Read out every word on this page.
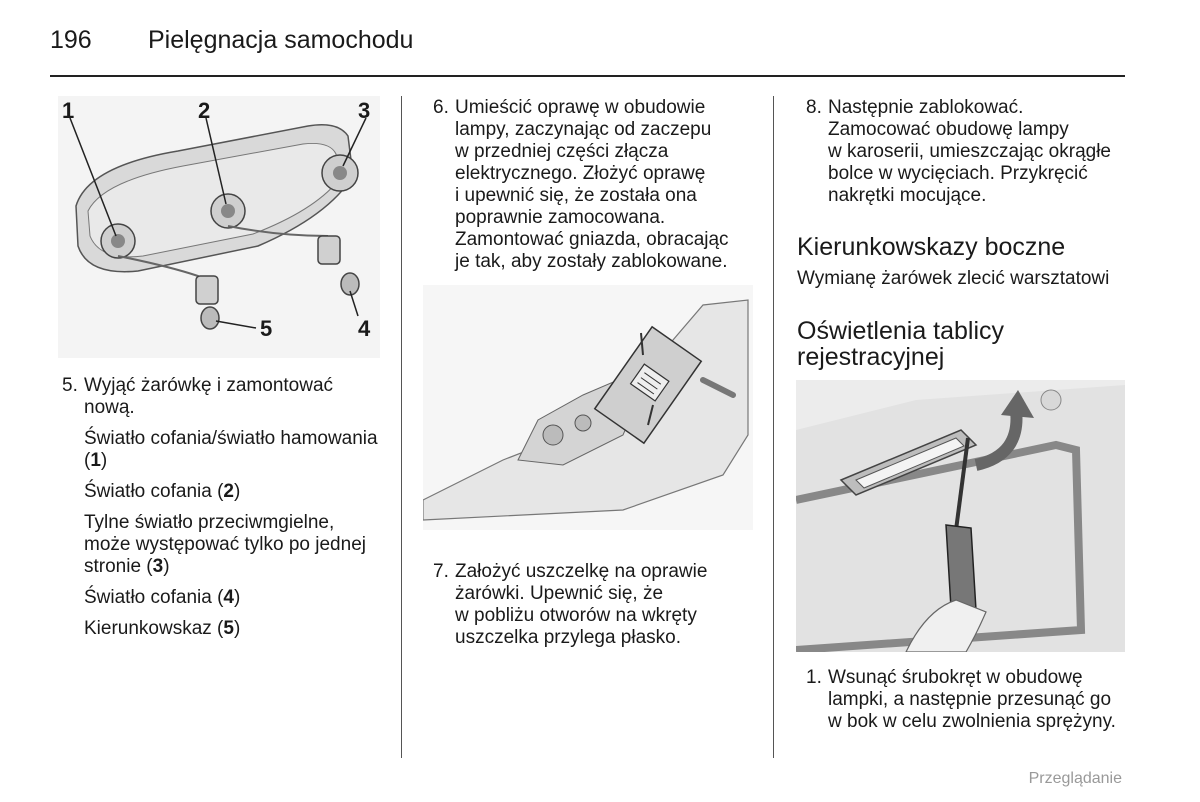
196 Pielęgnacja samochodu
1	2	3
4
5
5. Wyjąć żarówkę i zamontować nową.
Światło cofania/światło hamowania (1)
Światło cofania (2)
Tylne światło przeciwmgielne, może występować tylko po jednej stronie (3)
Światło cofania (4)
Kierunkowskaz (5)
6. Umieścić oprawę w obudowie
lampy, zaczynając od zaczepu
w przedniej części złącza
elektrycznego. Złożyć oprawę
i upewnić się, że została ona
poprawnie zamocowana.
Zamontować gniazda, obracając
je tak, aby zostały zablokowane.
7. Założyć uszczelkę na oprawie
żarówki. Upewnić się, że
w pobliżu otworów na wkręty
uszczelka przylega płasko.
8. Następnie zablokować.
Zamocować obudowę lampy
w karoserii, umieszczając okrągłe
bolce w wycięciach. Przykręcić
nakrętki mocujące.
Kierunkowskazy boczne
Wymianę żarówek zlecić warsztatowi
Oświetlenia tablicy
rejestracyjnej
1. Wsunąć śrubokręt w obudowę
lampki, a następnie przesunąć go
w bok w celu zwolnienia sprężyny.
Przeglądanie
